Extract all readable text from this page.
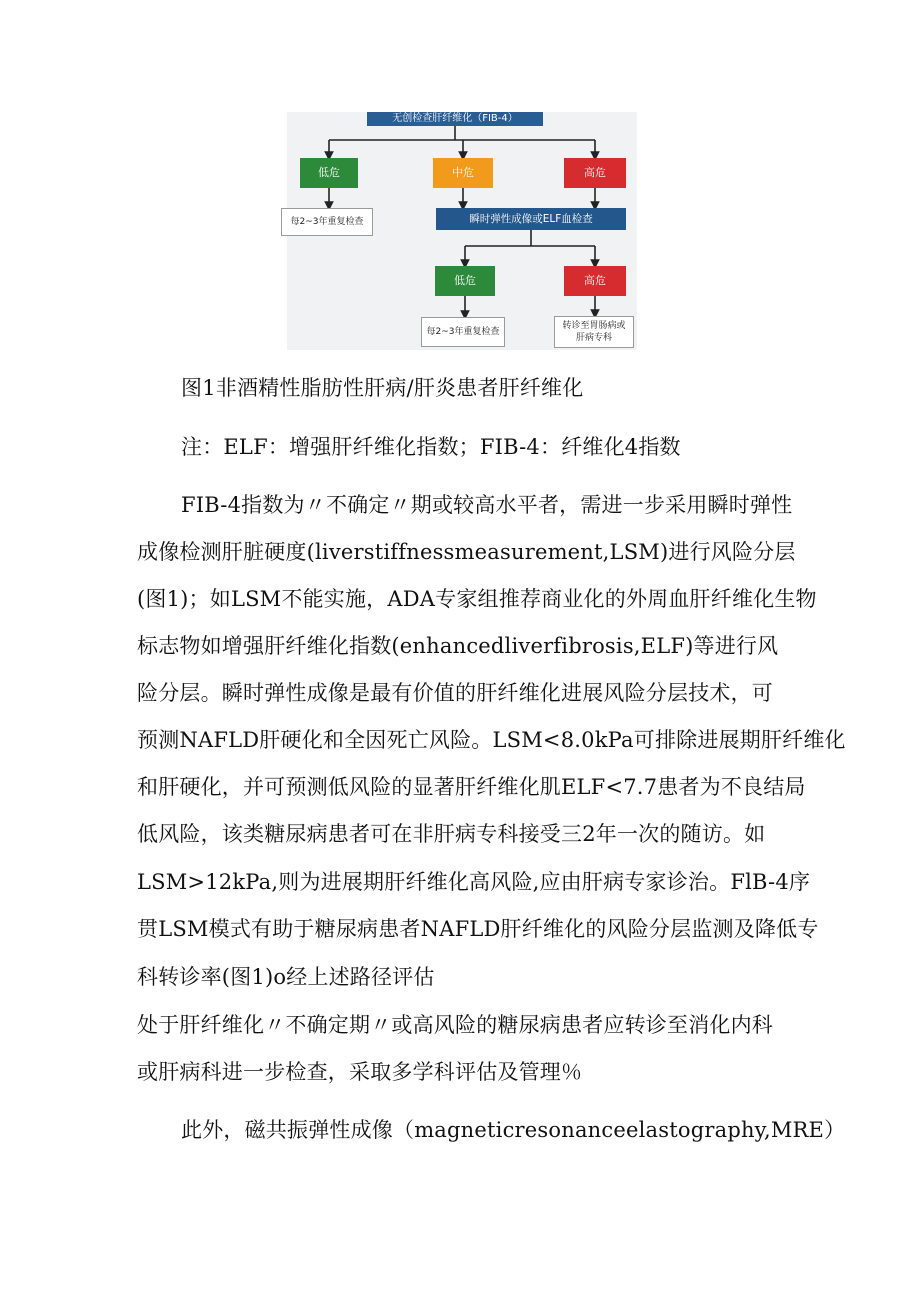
无创检查肝纤维化（FIB-4）
低危	中危	高危
每2~3年重复检查	瞬时弹性成像或ELF血检查
低危	高危
每2~3年重复检查
转诊至胃肠病或肝病专科
图1非酒精性脂肪性肝病/肝炎患者肝纤维化
注：ELF：增强肝纤维化指数；FIB-4：纤维化4指数
FIB-4指数为〃不确定〃期或较高水平者，需进一步采用瞬时弹性
成像检测肝脏硬度(liverstiffnessmeasurement,LSM)进行风险分层
(图1)；如LSM不能实施，ADA专家组推荐商业化的外周血肝纤维化生物
标志物如增强肝纤维化指数(enhancedliverfibrosis,ELF)等进行风
险分层。瞬时弹性成像是最有价值的肝纤维化进展风险分层技术，可
预测NAFLD肝硬化和全因死亡风险。LSM<8.0kPa可排除进展期肝纤维化
和肝硬化，并可预测低风险的显著肝纤维化肌ELF<7.7患者为不良结局
低风险，该类糖尿病患者可在非肝病专科接受三2年一次的随访。如
LSM>12kPa,则为进展期肝纤维化高风险,应由肝病专家诊治。FlB-4序
贯LSM模式有助于糖尿病患者NAFLD肝纤维化的风险分层监测及降低专
科转诊率(图1)o经上述路径评估
处于肝纤维化〃不确定期〃或高风险的糖尿病患者应转诊至消化内科
或肝病科进一步检查，采取多学科评估及管理％
此外，磁共振弹性成像（magneticresonanceelastography,MRE）
